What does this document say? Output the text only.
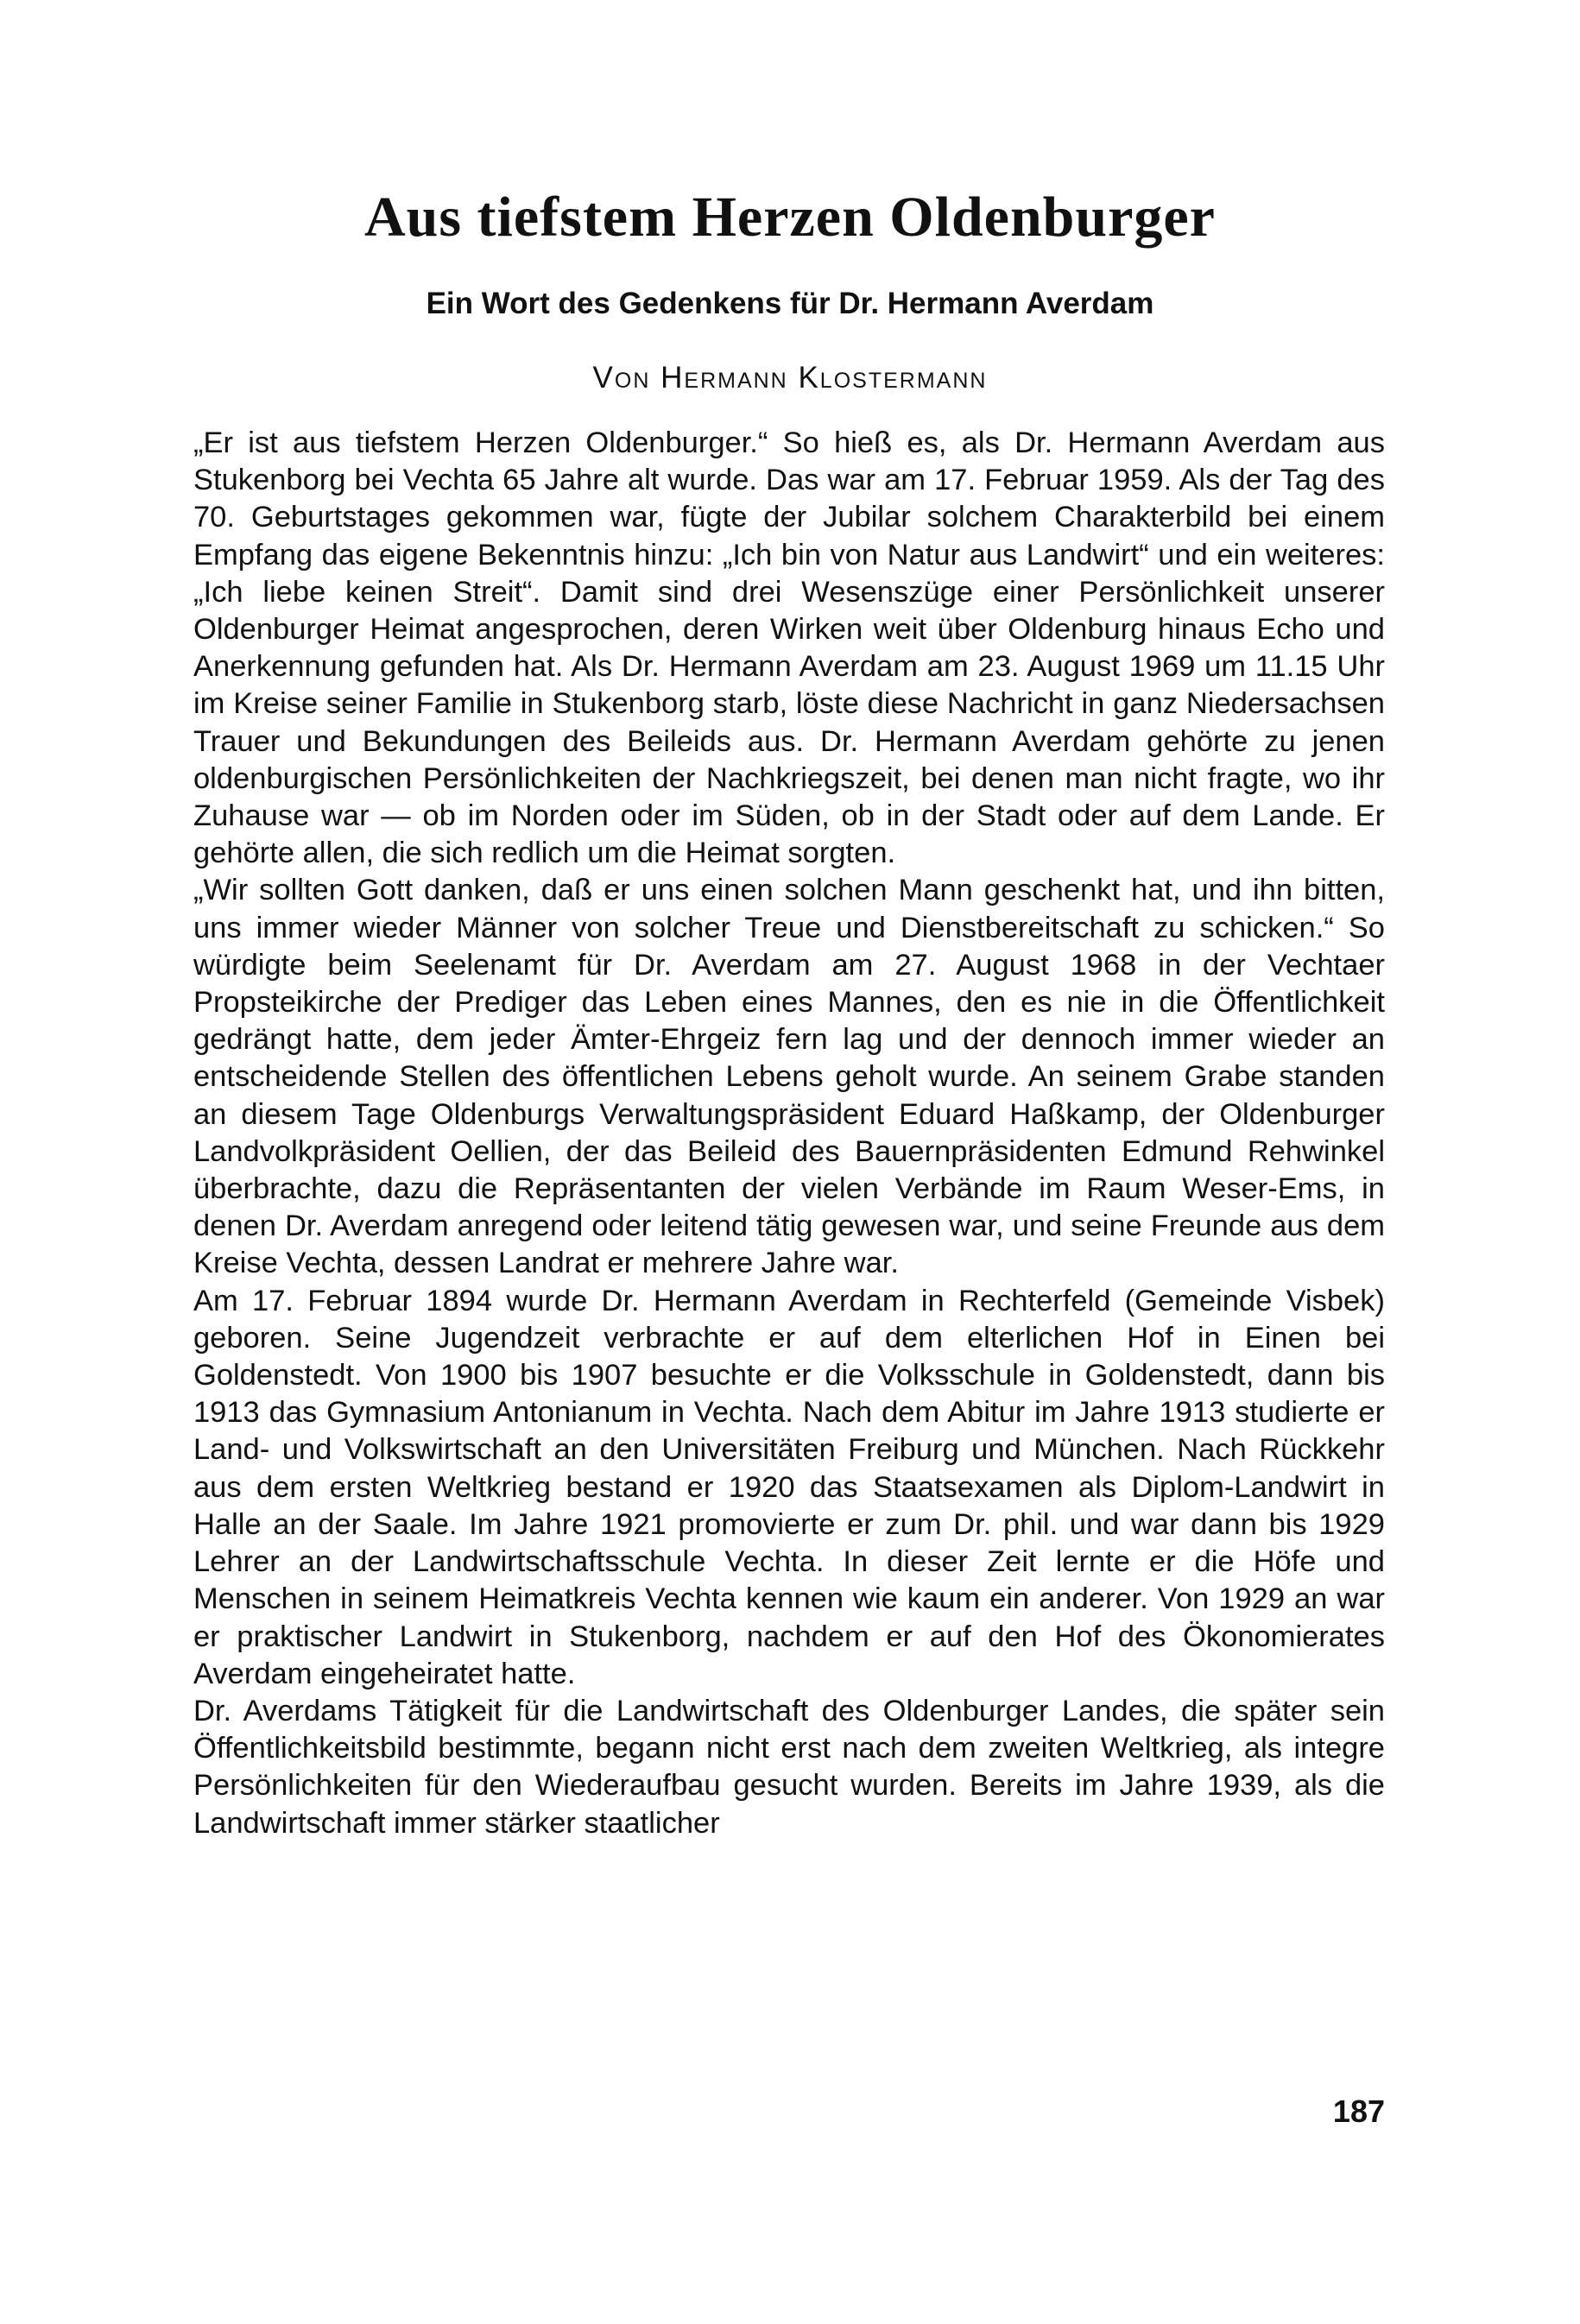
Aus tiefstem Herzen Oldenburger
Ein Wort des Gedenkens für Dr. Hermann Averdam
Von Hermann Klostermann

„Er ist aus tiefstem Herzen Oldenburger.“ So hieß es, als Dr. Hermann Averdam aus Stukenborg bei Vechta 65 Jahre alt wurde. Das war am 17. Februar 1959. Als der Tag des 70. Geburtstages gekommen war, fügte der Jubilar solchem Charakterbild bei einem Empfang das eigene Bekenntnis hinzu: „Ich bin von Natur aus Landwirt“ und ein weiteres: „Ich liebe keinen Streit“. Damit sind drei Wesenszüge einer Persönlichkeit unserer Oldenburger Heimat angesprochen, deren Wirken weit über Oldenburg hinaus Echo und Anerkennung gefunden hat. Als Dr. Hermann Averdam am 23. August 1969 um 11.15 Uhr im Kreise seiner Familie in Stukenborg starb, löste diese Nachricht in ganz Niedersachsen Trauer und Bekundungen des Beileids aus. Dr. Hermann Averdam gehörte zu jenen oldenburgischen Persönlichkeiten der Nachkriegszeit, bei denen man nicht fragte, wo ihr Zuhause war — ob im Norden oder im Süden, ob in der Stadt oder auf dem Lande. Er gehörte allen, die sich redlich um die Heimat sorgten.

„Wir sollten Gott danken, daß er uns einen solchen Mann geschenkt hat, und ihn bitten, uns immer wieder Männer von solcher Treue und Dienstbereitschaft zu schicken.“ So würdigte beim Seelenamt für Dr. Averdam am 27. August 1968 in der Vechtaer Propsteikirche der Prediger das Leben eines Mannes, den es nie in die Öffentlichkeit gedrängt hatte, dem jeder Ämter-Ehrgeiz fern lag und der dennoch immer wieder an entscheidende Stellen des öffentlichen Lebens geholt wurde. An seinem Grabe standen an diesem Tage Oldenburgs Verwaltungspräsident Eduard Haßkamp, der Oldenburger Landvolkpräsident Oellien, der das Beileid des Bauernpräsidenten Edmund Rehwinkel überbrachte, dazu die Repräsentanten der vielen Verbände im Raum Weser-Ems, in denen Dr. Averdam anregend oder leitend tätig gewesen war, und seine Freunde aus dem Kreise Vechta, dessen Landrat er mehrere Jahre war.

Am 17. Februar 1894 wurde Dr. Hermann Averdam in Rechterfeld (Gemeinde Visbek) geboren. Seine Jugendzeit verbrachte er auf dem elterlichen Hof in Einen bei Goldenstedt. Von 1900 bis 1907 besuchte er die Volksschule in Goldenstedt, dann bis 1913 das Gymnasium Antonianum in Vechta. Nach dem Abitur im Jahre 1913 studierte er Land- und Volkswirtschaft an den Universitäten Freiburg und München. Nach Rückkehr aus dem ersten Weltkrieg bestand er 1920 das Staatsexamen als Diplom-Landwirt in Halle an der Saale. Im Jahre 1921 promovierte er zum Dr. phil. und war dann bis 1929 Lehrer an der Landwirtschaftsschule Vechta. In dieser Zeit lernte er die Höfe und Menschen in seinem Heimatkreis Vechta kennen wie kaum ein anderer. Von 1929 an war er praktischer Landwirt in Stukenborg, nachdem er auf den Hof des Ökonomierates Averdam eingeheiratet hatte.

Dr. Averdams Tätigkeit für die Landwirtschaft des Oldenburger Landes, die später sein Öffentlichkeitsbild bestimmte, begann nicht erst nach dem zweiten Weltkrieg, als integre Persönlichkeiten für den Wiederaufbau gesucht wurden. Bereits im Jahre 1939, als die Landwirtschaft immer stärker staatlicher

187
